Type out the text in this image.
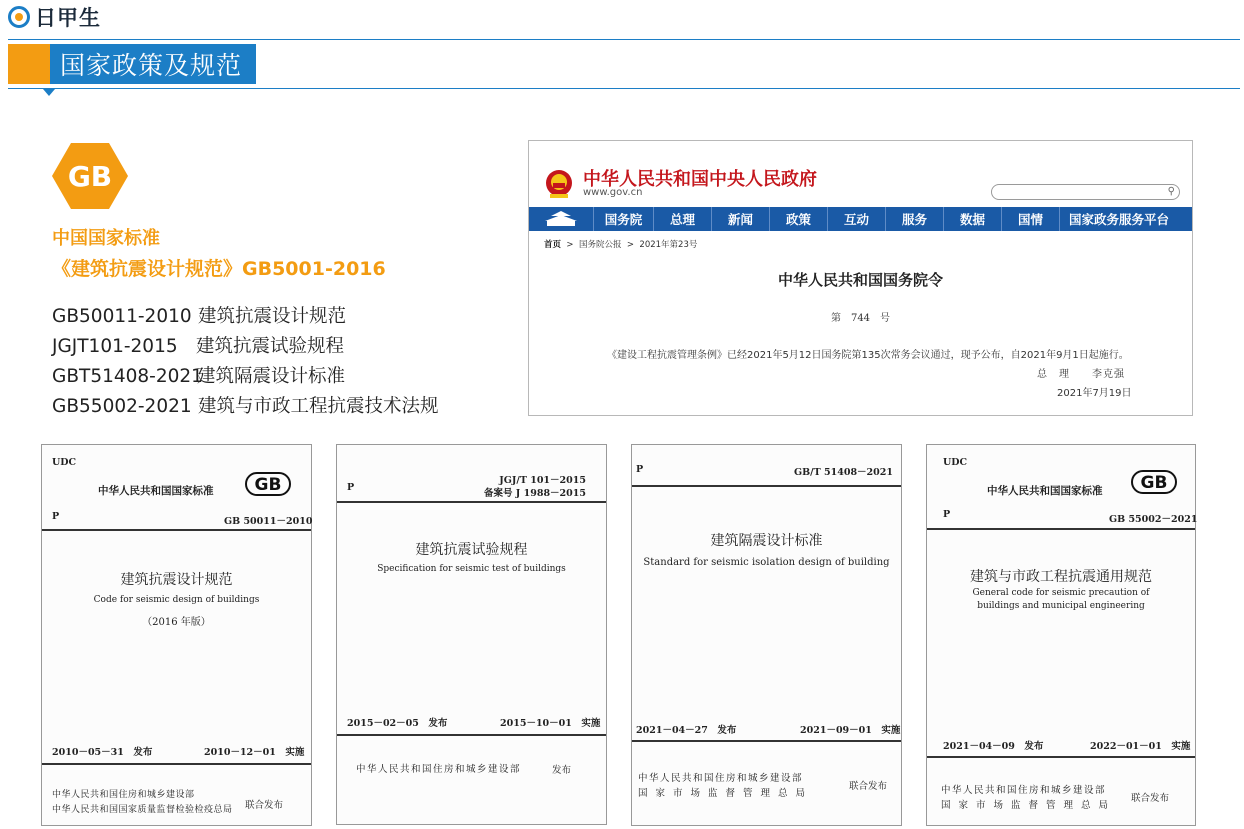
日甲生
国家政策及规范
GB
中国国家标准
《建筑抗震设计规范》GB5001-2016
GB50011-2010 建筑抗震设计规范
JGJT101-2015 建筑抗震试验规程
GBT51408-2021建筑隔震设计标准
GB55002-2021 建筑与市政工程抗震技术法规
中华人民共和国中央人民政府
www.gov.cn	⚲
国务院	总理	新闻	政策	互动	服务	数据	国情	国家政务服务平台
首页  >  国务院公报  >  2021年第23号
中华人民共和国国务院令
第　744　号
《建设工程抗震管理条例》已经2021年5月12日国务院第135次常务会议通过，现予公布，自2021年9月1日起施行。
总　理　　李克强
2021年7月19日
UDC
中华人民共和国国家标准 GB
P	GB 50011－2010
建筑抗震设计规范
Code for seismic design of buildings
（2016 年版）
2010－05－31　发布	2010－12－01　实施
中华人民共和国住房和城乡建设部
中华人民共和国国家质量监督检验检疫总局 联合发布
P
JGJ/T 101－2015
备案号 J 1988－2015
建筑抗震试验规程
Specification for seismic test of buildings
2015－02－05　发布	2015－10－01　实施
中华人民共和国住房和城乡建设部	发布
P	GB/T 51408－2021
建筑隔震设计标准
Standard for seismic isolation design of building
2021－04－27　发布	2021－09－01　实施
中华人民共和国住房和城乡建设部
国家市场监督管理总局
联合发布
UDC
中华人民共和国国家标准 GB
P	GB 55002－2021
建筑与市政工程抗震通用规范
General code for seismic precaution of
buildings and municipal engineering
2021－04－09　发布	2022－01－01　实施
中华人民共和国住房和城乡建设部
国家市场监督管理总局
联合发布
